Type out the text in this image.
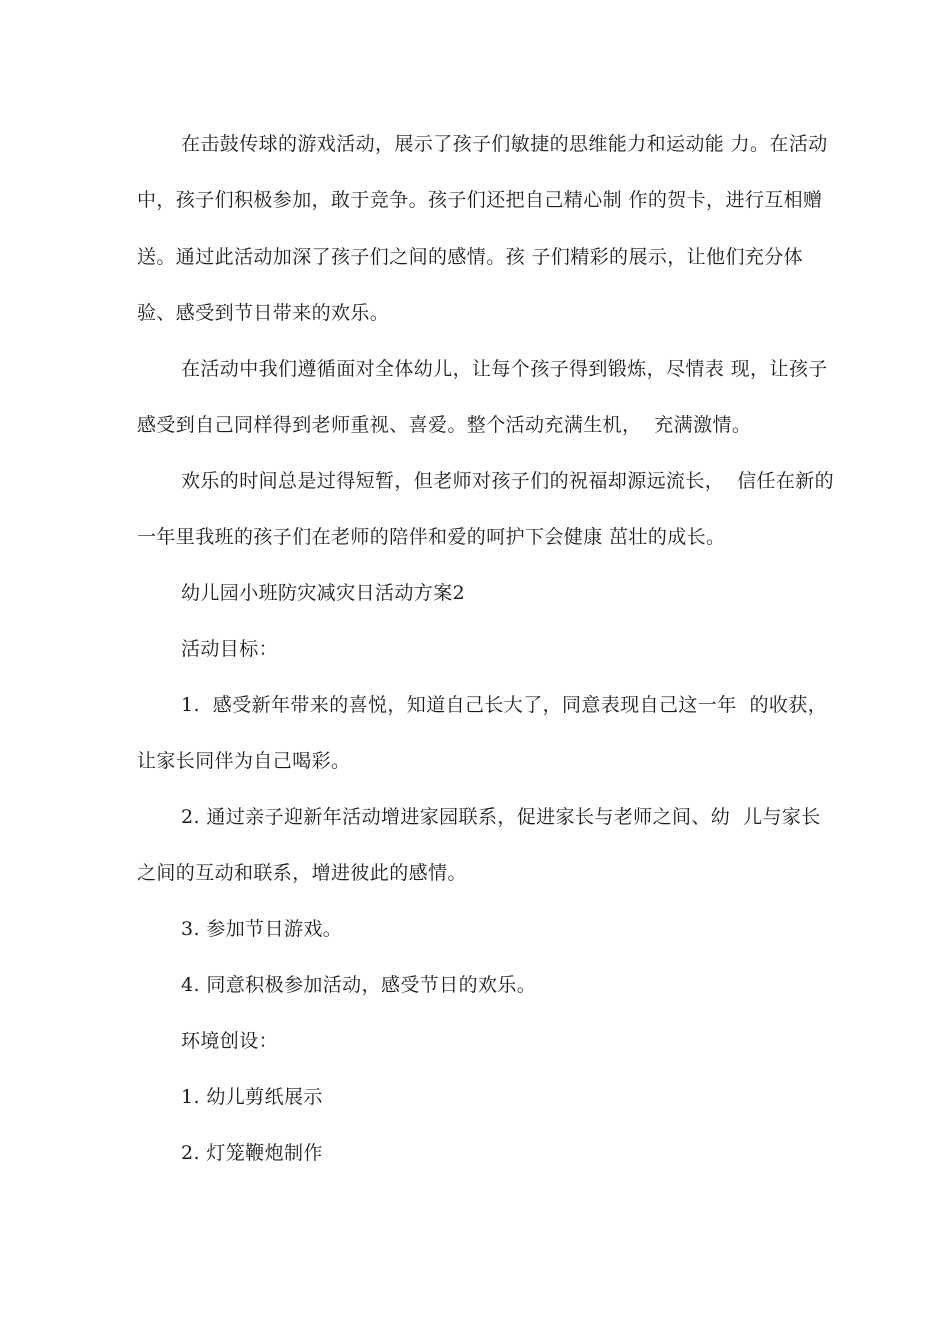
在击鼓传球的游戏活动，展示了孩子们敏捷的思维能力和运动能 力。在活动
中，孩子们积极参加，敢于竞争。孩子们还把自己精心制 作的贺卡，进行互相赠
送。通过此活动加深了孩子们之间的感情。孩 子们精彩的展示，让他们充分体
验、感受到节日带来的欢乐。
在活动中我们遵循面对全体幼儿，让每个孩子得到锻炼，尽情表 现，让孩子
感受到自己同样得到老师重视、喜爱。整个活动充满生机，  充满激情。
欢乐的时间总是过得短暂，但老师对孩子们的祝福却源远流长，  信任在新的
一年里我班的孩子们在老师的陪伴和爱的呵护下会健康 茁壮的成长。
幼儿园小班防灾减灾日活动方案2
活动目标：
1.  感受新年带来的喜悦，知道自己长大了，同意表现自己这一年  的收获，
让家长同伴为自己喝彩。
2. 通过亲子迎新年活动增进家园联系，促进家长与老师之间、幼  儿与家长
之间的互动和联系，增进彼此的感情。
3. 参加节日游戏。
4. 同意积极参加活动，感受节日的欢乐。
环境创设：
1. 幼儿剪纸展示
2. 灯笼鞭炮制作
